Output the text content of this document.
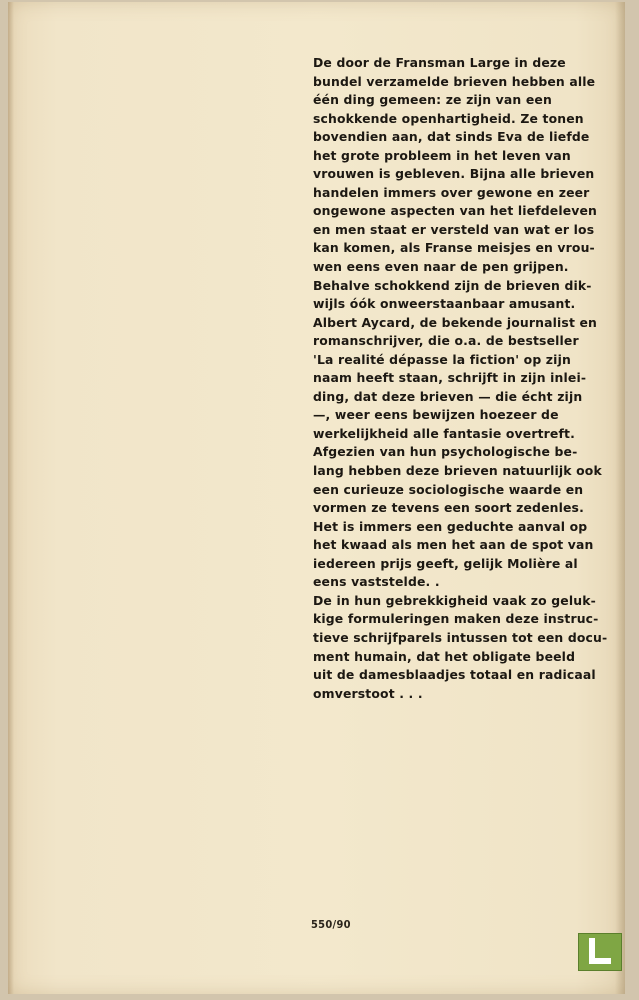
De door de Fransman Large in deze
bundel verzamelde brieven hebben alle
één ding gemeen: ze zijn van een
schokkende openhartigheid. Ze tonen
bovendien aan, dat sinds Eva de liefde
het grote probleem in het leven van
vrouwen is gebleven. Bijna alle brieven
handelen immers over gewone en zeer
ongewone aspecten van het liefdeleven
en men staat er versteld van wat er los
kan komen, als Franse meisjes en vrou-
wen eens even naar de pen grijpen.
Behalve schokkend zijn de brieven dik-
wijls óók onweerstaanbaar amusant.
Albert Aycard, de bekende journalist en
romanschrijver, die o.a. de bestseller
'La realité dépasse la fiction' op zijn
naam heeft staan, schrijft in zijn inlei-
ding, dat deze brieven — die écht zijn
—, weer eens bewijzen hoezeer de
werkelijkheid alle fantasie overtreft.
Afgezien van hun psychologische be-
lang hebben deze brieven natuurlijk ook
een curieuze sociologische waarde en
vormen ze tevens een soort zedenles.
Het is immers een geduchte aanval op
het kwaad als men het aan de spot van
iedereen prijs geeft, gelijk Molière al
eens vaststelde. .
De in hun gebrekkigheid vaak zo geluk-
kige formuleringen maken deze instruc-
tieve schrijfparels intussen tot een docu-
ment humain, dat het obligate beeld
uit de damesblaadjes totaal en radicaal
omverstoot . . .
550/90
